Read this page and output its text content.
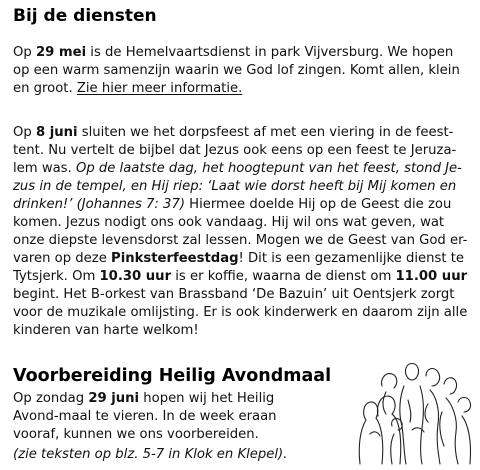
Bij de diensten

Op 29 mei is de Hemelvaartsdienst in park Vijversburg. We hopen op een warm samenzijn waarin we God lof zingen. Komt allen, klein en groot. Zie hier meer informatie.

Op 8 juni sluiten we het dorpsfeest af met een viering in de feest-tent. Nu vertelt de bijbel dat Jezus ook eens op een feest te Jeruza-lem was. Op de laatste dag, het hoogtepunt van het feest, stond Je-zus in de tempel, en Hij riep: ‘Laat wie dorst heeft bij Mij komen en drinken!’ (Johannes 7: 37) Hiermee doelde Hij op de Geest die zou komen. Jezus nodigt ons ook vandaag. Hij wil ons wat geven, wat onze diepste levensdorst zal lessen. Mogen we de Geest van God er-varen op deze Pinksterfeestdag! Dit is een gezamenlijke dienst te Tytsjerk. Om 10.30 uur is er koffie, waarna de dienst om 11.00 uur begint. Het B-orkest van Brassband ‘De Bazuin’ uit Oentsjerk zorgt voor de muzikale omlijsting. Er is ook kinderwerk en daarom zijn alle kinderen van harte welkom!

Voorbereiding Heilig Avondmaal

Op zondag 29 juni hopen wij het Heilig Avond-maal te vieren. In de week eraan vooraf, kunnen we ons voorbereiden.

(zie teksten op blz. 5-7 in Klok en Klepel).
